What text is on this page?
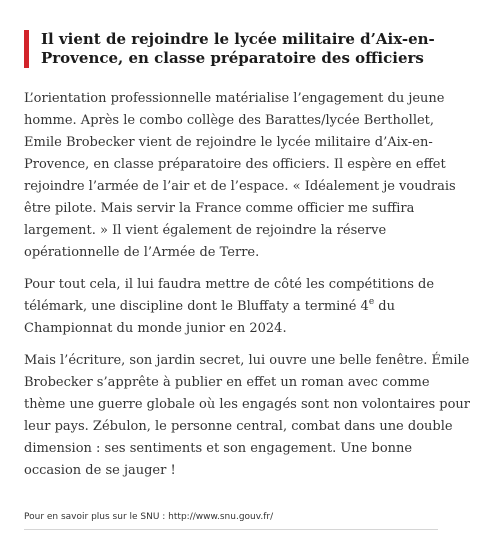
Il vient de rejoindre le lycée militaire d’Aix-en-Provence, en classe préparatoire des officiers

L’orientation professionnelle matérialise l’engagement du jeune homme. Après le combo collège des Barattes/lycée Berthollet, Emile Brobecker vient de rejoindre le lycée militaire d’Aix-en-Provence, en classe préparatoire des officiers. Il espère en effet rejoindre l’armée de l’air et de l’espace. « Idéalement je voudrais être pilote. Mais servir la France comme officier me suffira largement. » Il vient également de rejoindre la réserve opérationnelle de l’Armée de Terre.

Pour tout cela, il lui faudra mettre de côté les compétitions de télémark, une discipline dont le Bluffaty a terminé 4e du Championnat du monde junior en 2024.

Mais l’écriture, son jardin secret, lui ouvre une belle fenêtre. Émile Brobecker s’apprête à publier en effet un roman avec comme thème une guerre globale où les engagés sont non volontaires pour leur pays. Zébulon, le personne central, combat dans une double dimension : ses sentiments et son engagement. Une bonne occasion de se jauger !

Pour en savoir plus sur le SNU : http://www.snu.gouv.fr/
